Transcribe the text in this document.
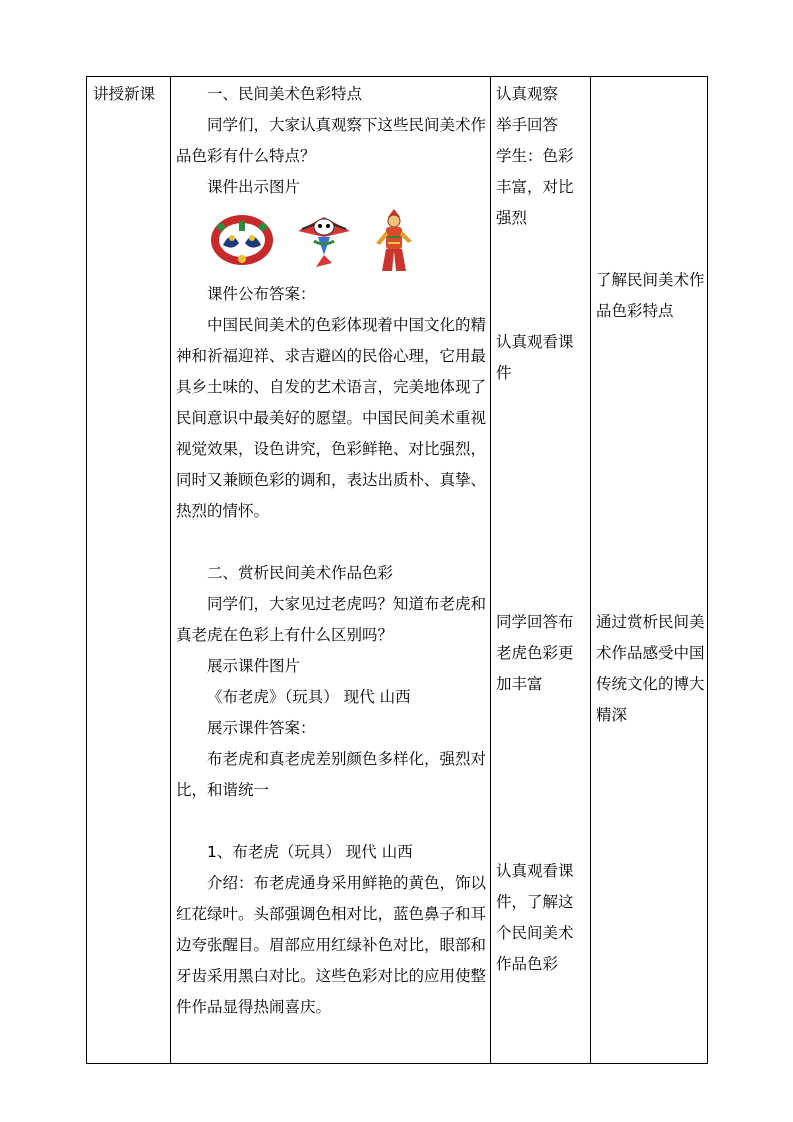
讲授新课	一、民间美术色彩特点

同学们，大家认真观察下这些民间美术作品色彩有什么特点？

课件出示图片

课件公布答案：

中国民间美术的色彩体现着中国文化的精神和祈福迎祥、求吉避凶的民俗心理，它用最具乡土味的、自发的艺术语言，完美地体现了民间意识中最美好的愿望。中国民间美术重视视觉效果，设色讲究，色彩鲜艳、对比强烈，同时又兼顾色彩的调和，表达出质朴、真挚、热烈的情怀。

二、赏析民间美术作品色彩

同学们，大家见过老虎吗？知道布老虎和真老虎在色彩上有什么区别吗？

展示课件图片

《布老虎》（玩具） 现代 山西

展示课件答案：

布老虎和真老虎差别颜色多样化，强烈对比，和谐统一

1、布老虎（玩具） 现代 山西

介绍：布老虎通身采用鲜艳的黄色，饰以红花绿叶。头部强调色相对比，蓝色鼻子和耳边夸张醒目。眉部应用红绿补色对比，眼部和牙齿采用黑白对比。这些色彩对比的应用使整件作品显得热闹喜庆。

认真观察
举手回答
学生：色彩丰富，对比强烈
认真观看课件
同学回答布老虎色彩更加丰富
认真观看课件，了解这个民间美术作品色彩
了解民间美术作品色彩特点
通过赏析民间美术作品感受中国传统文化的博大精深
